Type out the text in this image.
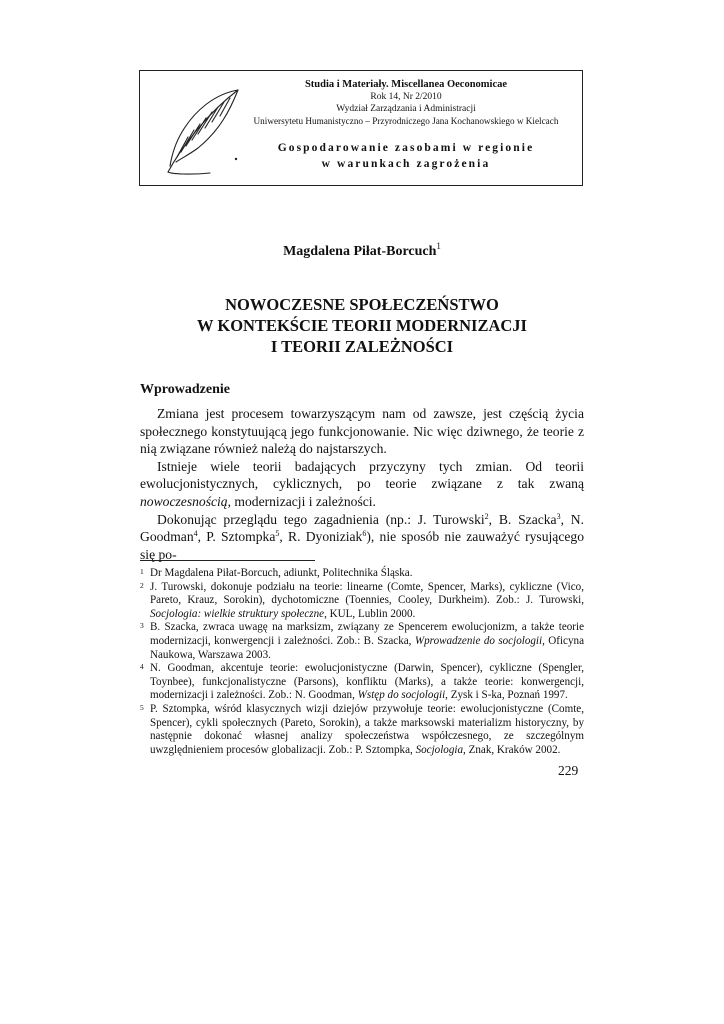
Studia i Materiały. Miscellanea Oeconomicae
Rok 14, Nr 2/2010
Wydział Zarządzania i Administracji
Uniwersytetu Humanistyczno – Przyrodniczego Jana Kochanowskiego w Kielcach
Gospodarowanie zasobami w regionie
w warunkach zagrożenia
Magdalena Piłat-Borcuch$^1$
NOWOCZESNE SPOŁECZEŃSTWO
W KONTEKŚCIE TEORII MODERNIZACJI
I TEORII ZALEŻNOŚCI
Wprowadzenie

Zmiana jest procesem towarzyszącym nam od zawsze, jest częścią życia społecznego konstytuującą jego funkcjonowanie. Nic więc dziwnego, że teorie z nią związane również należą do najstarszych.

Istnieje wiele teorii badających przyczyny tych zmian. Od teorii ewolucjonistycznych, cyklicznych, po teorie związane z tak zwaną nowoczesnością, modernizacji i zależności.

Dokonując przeglądu tego zagadnienia (np.: J. Turowski$^2$, B. Szacka$^3$, N. Goodman$^4$, P. Sztompka$^5$, R. Dyoniziak$^6$), nie sposób nie zauważyć rysującego się po-

1 Dr Magdalena Piłat-Borcuch, adiunkt, Politechnika Śląska.

2 J. Turowski, dokonuje podziału na teorie: linearne (Comte, Spencer, Marks), cykliczne (Vico, Pareto, Krauz, Sorokin), dychotomiczne (Toennies, Cooley, Durkheim). Zob.: J. Turowski, Socjologia: wielkie struktury społeczne, KUL, Lublin 2000.

3 B. Szacka, zwraca uwagę na marksizm, związany ze Spencerem ewolucjonizm, a także teorie modernizacji, konwergencji i zależności. Zob.: B. Szacka, Wprowadzenie do socjologii, Oficyna Naukowa, Warszawa 2003.

4 N. Goodman, akcentuje teorie: ewolucjonistyczne (Darwin, Spencer), cykliczne (Spengler, Toynbee), funkcjonalistyczne (Parsons), konfliktu (Marks), a także teorie: konwergencji, modernizacji i zależności. Zob.: N. Goodman, Wstęp do socjologii, Zysk i S-ka, Poznań 1997.

5 P. Sztompka, wśród klasycznych wizji dziejów przywołuje teorie: ewolucjonistyczne (Comte, Spencer), cykli społecznych (Pareto, Sorokin), a także marksowski materializm historyczny, by następnie dokonać własnej analizy społeczeństwa współczesnego, ze szczególnym uwzględnieniem procesów globalizacji. Zob.: P. Sztompka, Socjologia, Znak, Kraków 2002.

229
